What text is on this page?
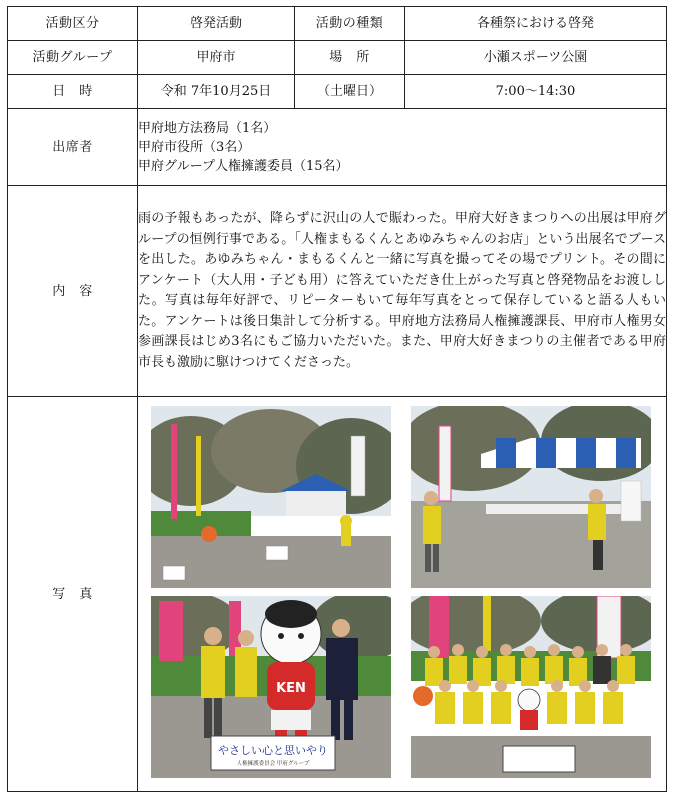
活動区分	啓発活動	活動の種類	各種祭における啓発
活動グループ	甲府市	場　所	小瀬スポーツ公園
日　時	令和 7年10月25日	（土曜日）	7:00～14:30
出席者	甲府地方法務局（1名）
甲府市役所（3名）
甲府グループ人権擁護委員（15名）		

内　容	雨の予報もあったが、降らずに沢山の人で賑わった。甲府大好きまつりへの出展は甲府グループの恒例行事である。「人権まもるくんとあゆみちゃんのお店」という出展名でブースを出した。あゆみちゃん・まもるくんと一緒に写真を撮ってその場でプリント。その間にアンケート（大人用・子ども用）に答えていただき仕上がった写真と啓発物品をお渡しした。写真は毎年好評で、リピーターもいて毎年写真をとって保存していると語る人もいた。アンケートは後日集計して分析する。甲府地方法務局人権擁護課長、甲府市人権男女参画課長はじめ3名にもご協力いただいた。また、甲府大好きまつりの主催者である甲府市長も激励に駆けつけてくださった。		

写　真	KEN
やさしい心と思いやり
人権擁護委員会 甲府グループ		
